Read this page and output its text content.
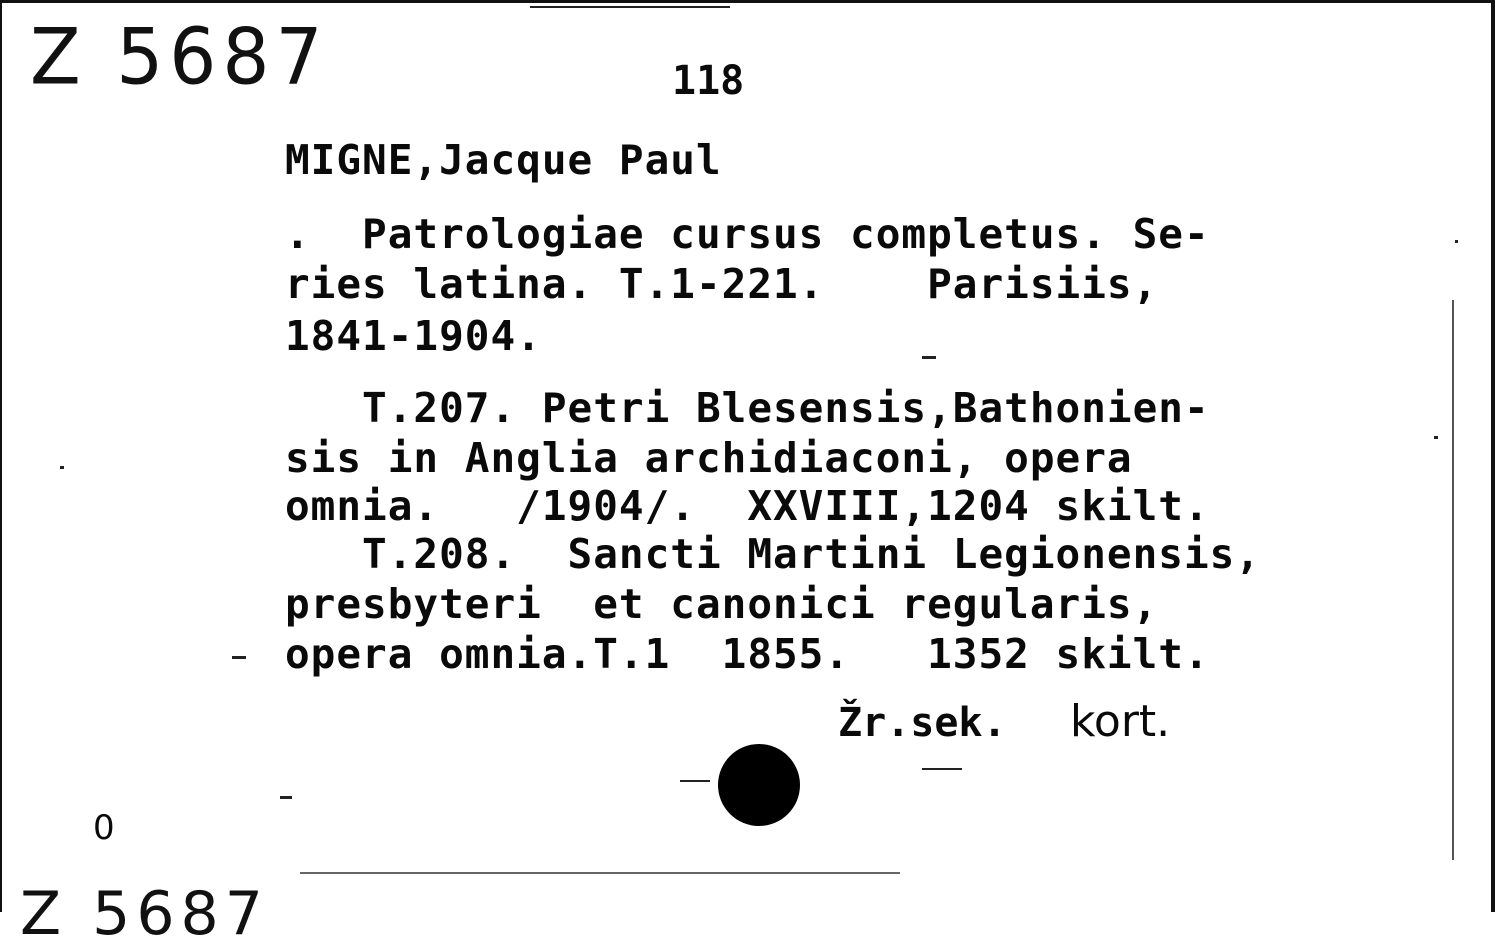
Z 5687	118
MIGNE,Jacque Paul
.  Patrologiae cursus completus. Se-
ries latina. T.1-221.    Parisiis,
1841-1904.
T.207. Petri Blesensis,Bathonien-
sis in Anglia archidiaconi, opera
omnia.   /1904/.  XXVIII,1204 skilt.
T.208.  Sancti Martini Legionensis,
presbyteri  et canonici regularis,
opera omnia.T.1  1855.   1352 skilt.
Žr.sek. kort.
0
Z 5687
